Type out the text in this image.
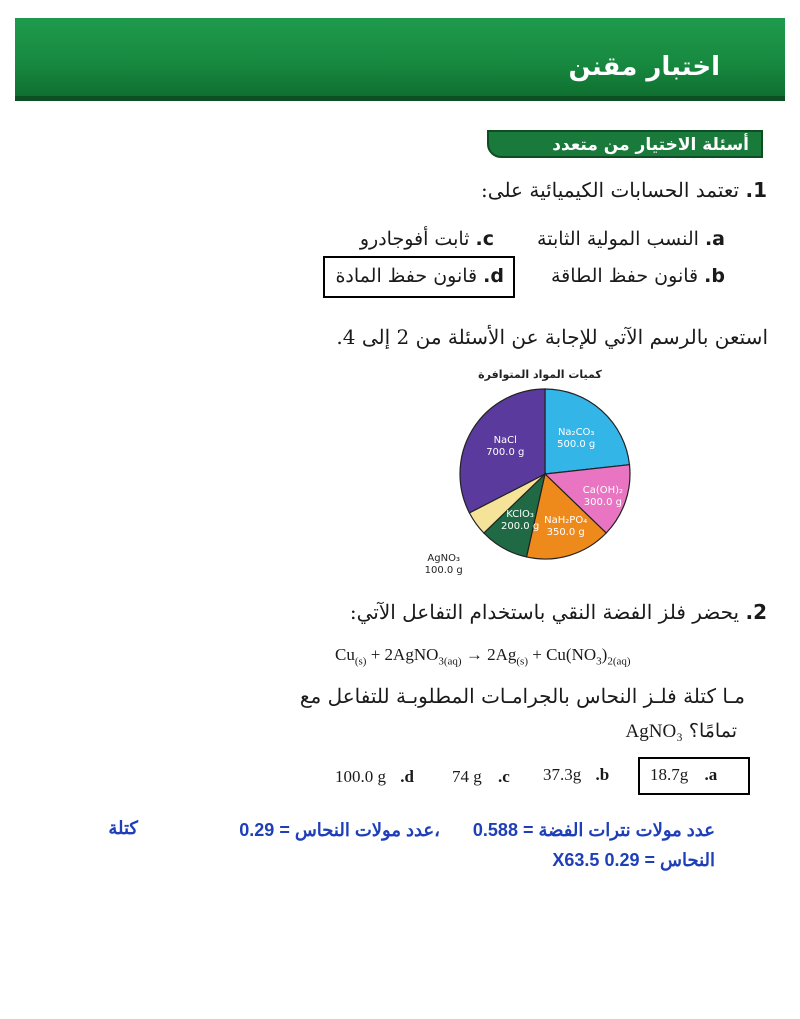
اختبار مقنن
أسئلة الاختيار من متعدد
1. تعتمد الحسابات الكيميائية على:
a. النسب المولية الثابتة
c. ثابت أفوجادرو
b. قانون حفظ الطاقة
d. قانون حفظ المادة
استعن بالرسم الآتي للإجابة عن الأسئلة من 2 إلى 4.
كميات المواد المتوافرة
Na₂CO₃
500.0 g
Ca(OH)₂
300.0 g
NaH₂PO₄
350.0 g
KClO₃
200.0 g
AgNO₃
100.0 g
NaCl
700.0 g
2. يحضر فلز الفضة النقي باستخدام التفاعل الآتي:
$Cu_{(s)}$ + 2AgNO$_{3(aq)}$ → $2Ag_{(s)} + Cu(NO_3)_{2(aq)}$
مـا كتلة فلـز النحاس بالجرامـات المطلوبـة للتفاعل مع
تمامًا؟ AgNO₃
18.7g .a
37.3g .b
74 g .c
100.0 g .d
عدد مولات نترات الفضة = 0.588
،عدد مولات النحاس = 0.29
كتلة
النحاس = 0.29 X63.5
